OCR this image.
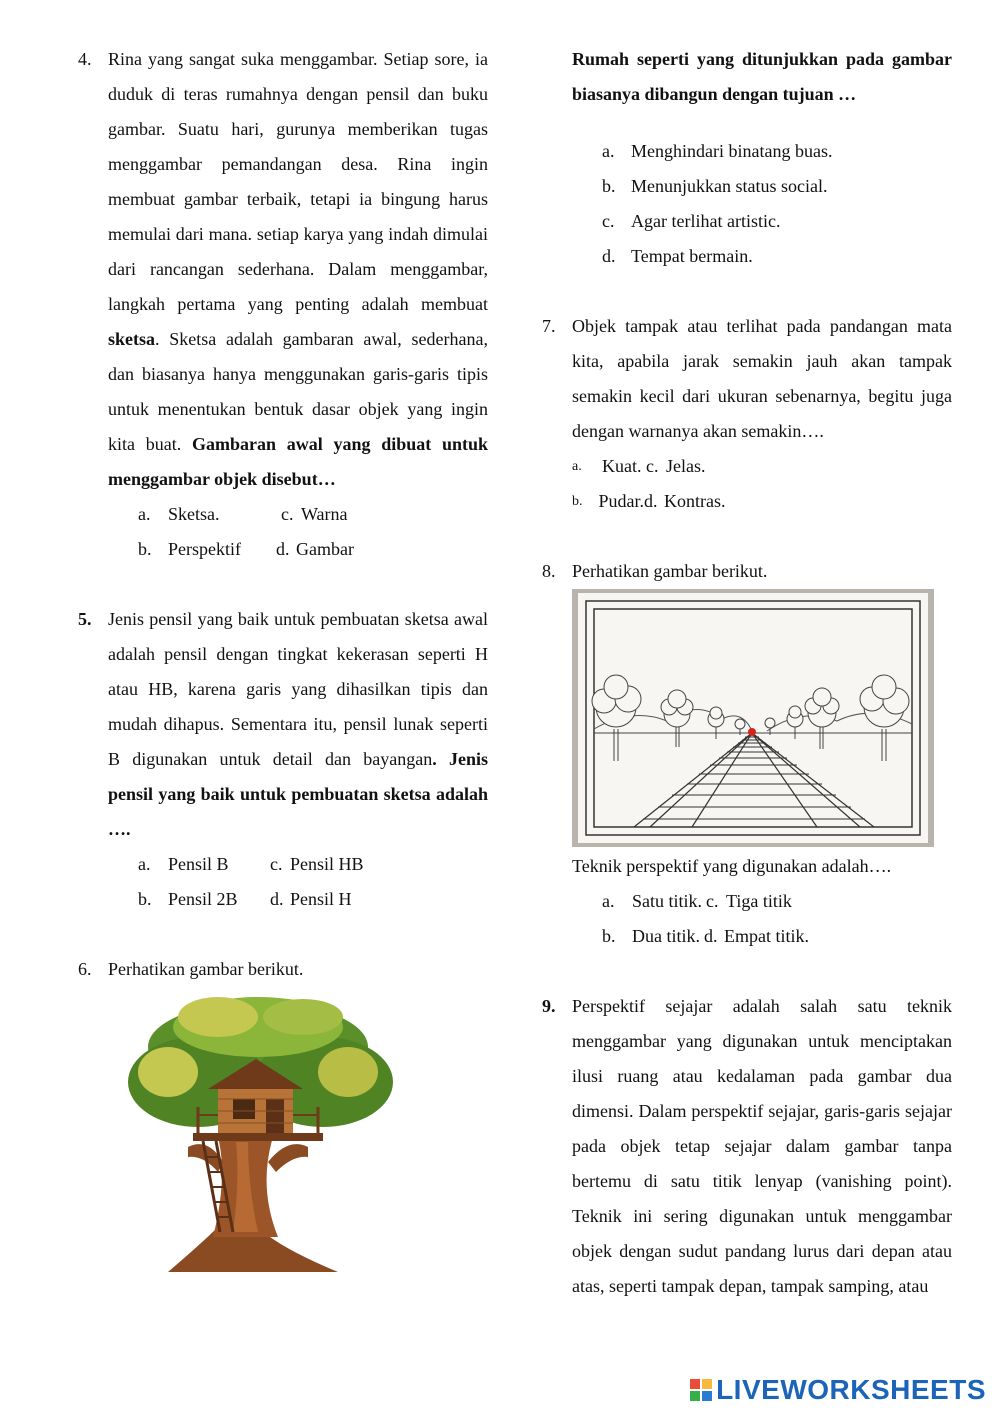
4. Rina yang sangat suka menggambar. Setiap sore, ia duduk di teras rumahnya dengan pensil dan buku gambar. Suatu hari, gurunya memberikan tugas menggambar pemandangan desa. Rina ingin membuat gambar terbaik, tetapi ia bingung harus memulai dari mana. setiap karya yang indah dimulai dari rancangan sederhana. Dalam menggambar, langkah pertama yang penting adalah membuat sketsa. Sketsa adalah gambaran awal, sederhana, dan biasanya hanya menggunakan garis-garis tipis untuk menentukan bentuk dasar objek yang ingin kita buat. Gambaran awal yang dibuat untuk menggambar objek disebut…
a. Sketsa.	c. Warna
b. Perspektif d. Gambar
5. Jenis pensil yang baik untuk pembuatan sketsa awal adalah pensil dengan tingkat kekerasan seperti H atau HB, karena garis yang dihasilkan tipis dan mudah dihapus. Sementara itu, pensil lunak seperti B digunakan untuk detail dan bayangan. Jenis pensil yang baik untuk pembuatan sketsa adalah ….
a. Pensil B c. Pensil HB
b. Pensil 2B d. Pensil H
6. Perhatikan gambar berikut.
Rumah seperti yang ditunjukkan pada gambar biasanya dibangun dengan tujuan …
a. Menghindari binatang buas.
b. Menunjukkan status social.
c. Agar terlihat artistic.
d. Tempat bermain.
7. Objek tampak atau terlihat pada pandangan mata kita, apabila jarak semakin jauh akan tampak semakin kecil dari ukuran sebenarnya, begitu juga dengan warnanya akan semakin….
a.	Kuat. c. Jelas.
b. Pudar. d. Kontras.
8. Perhatikan gambar berikut.
Teknik perspektif yang digunakan adalah….
a. Satu titik. c. Tiga titik
b. Dua titik. d. Empat titik.
9. Perspektif sejajar adalah salah satu teknik menggambar yang digunakan untuk menciptakan ilusi ruang atau kedalaman pada gambar dua dimensi. Dalam perspektif sejajar, garis-garis sejajar pada objek tetap sejajar dalam gambar tanpa bertemu di satu titik lenyap (vanishing point). Teknik ini sering digunakan untuk menggambar objek dengan sudut pandang lurus dari depan atau atas, seperti tampak depan, tampak samping, atau
LIVEWORKSHEETS
